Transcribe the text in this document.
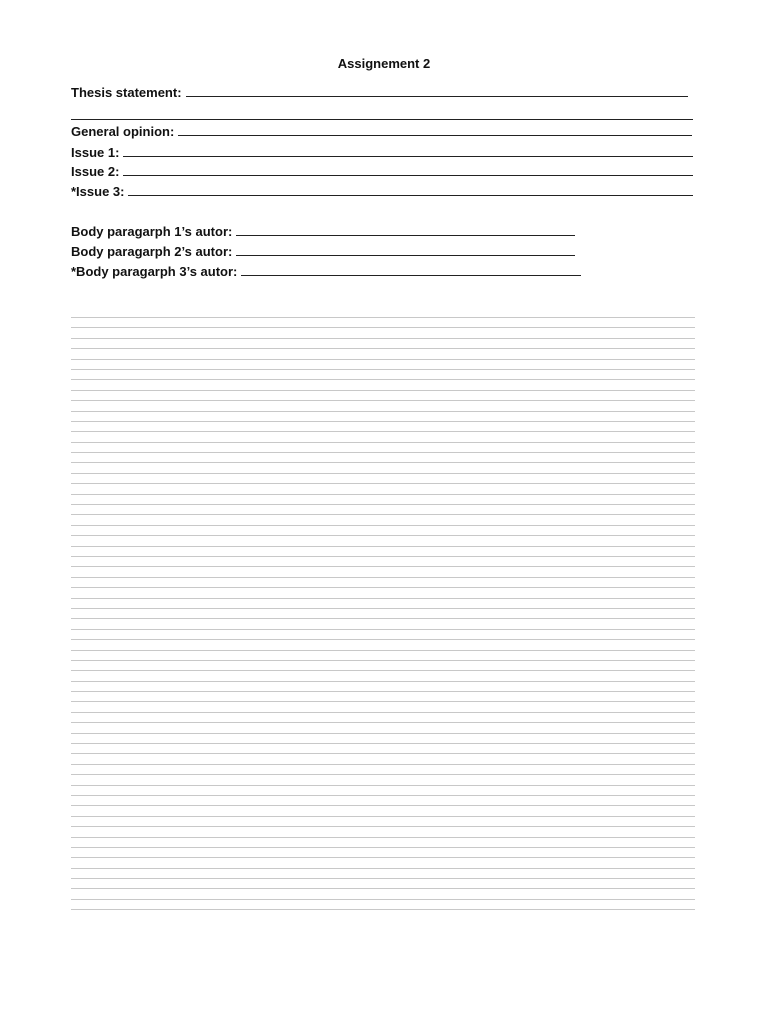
Assignement 2
Thesis statement:
General opinion:
Issue 1:
Issue 2:
*Issue 3:
Body paragarph 1’s autor:
Body paragarph 2’s autor:
*Body paragarph 3’s autor:
